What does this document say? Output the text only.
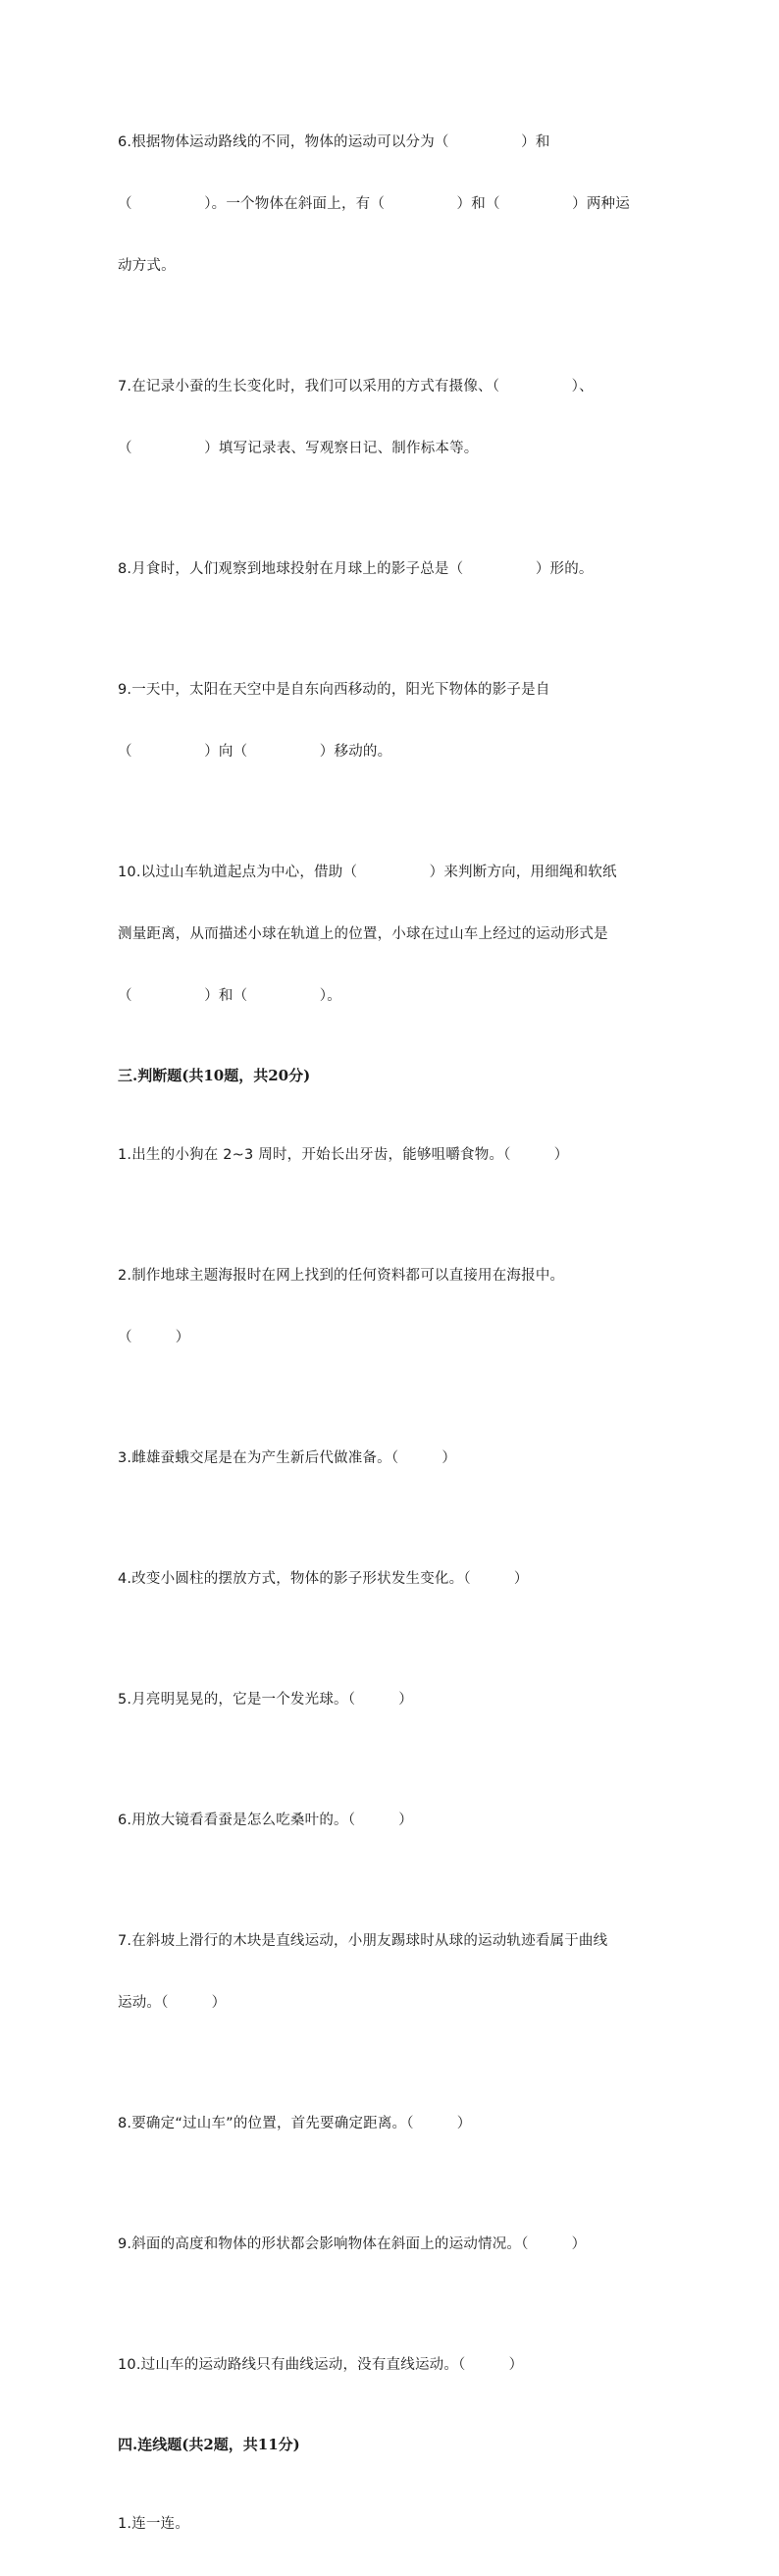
6.根据物体运动路线的不同，物体的运动可以分为（　　　　　）和

（　　　　　）。一个物体在斜面上，有（　　　　　）和（　　　　　）两种运

动方式。

7.在记录小蚕的生长变化时，我们可以采用的方式有摄像、（　　　　　）、

（　　　　　）填写记录表、写观察日记、制作标本等。

8.月食时，人们观察到地球投射在月球上的影子总是（　　　　　）形的。

9.一天中，太阳在天空中是自东向西移动的，阳光下物体的影子是自

（　　　　　）向（　　　　　）移动的。

10.以过山车轨道起点为中心，借助（　　　　　）来判断方向，用细绳和软纸

测量距离，从而描述小球在轨道上的位置，小球在过山车上经过的运动形式是

（　　　　　）和（　　　　　）。

三.判断题(共10题，共20分)

1.出生的小狗在 2~3 周时，开始长出牙齿，能够咀嚼食物。（　　　）

2.制作地球主题海报时在网上找到的任何资料都可以直接用在海报中。

（　　　）

3.雌雄蚕蛾交尾是在为产生新后代做准备。（　　　）

4.改变小圆柱的摆放方式，物体的影子形状发生变化。（　　　）

5.月亮明晃晃的，它是一个发光球。（　　　）

6.用放大镜看看蚕是怎么吃桑叶的。（　　　）

7.在斜坡上滑行的木块是直线运动，小朋友踢球时从球的运动轨迹看属于曲线

运动。（　　　）

8.要确定“过山车”的位置，首先要确定距离。（　　　）

9.斜面的高度和物体的形状都会影响物体在斜面上的运动情况。（　　　）

10.过山车的运动路线只有曲线运动，没有直线运动。（　　　）

四.连线题(共2题，共11分)

1.连一连。
